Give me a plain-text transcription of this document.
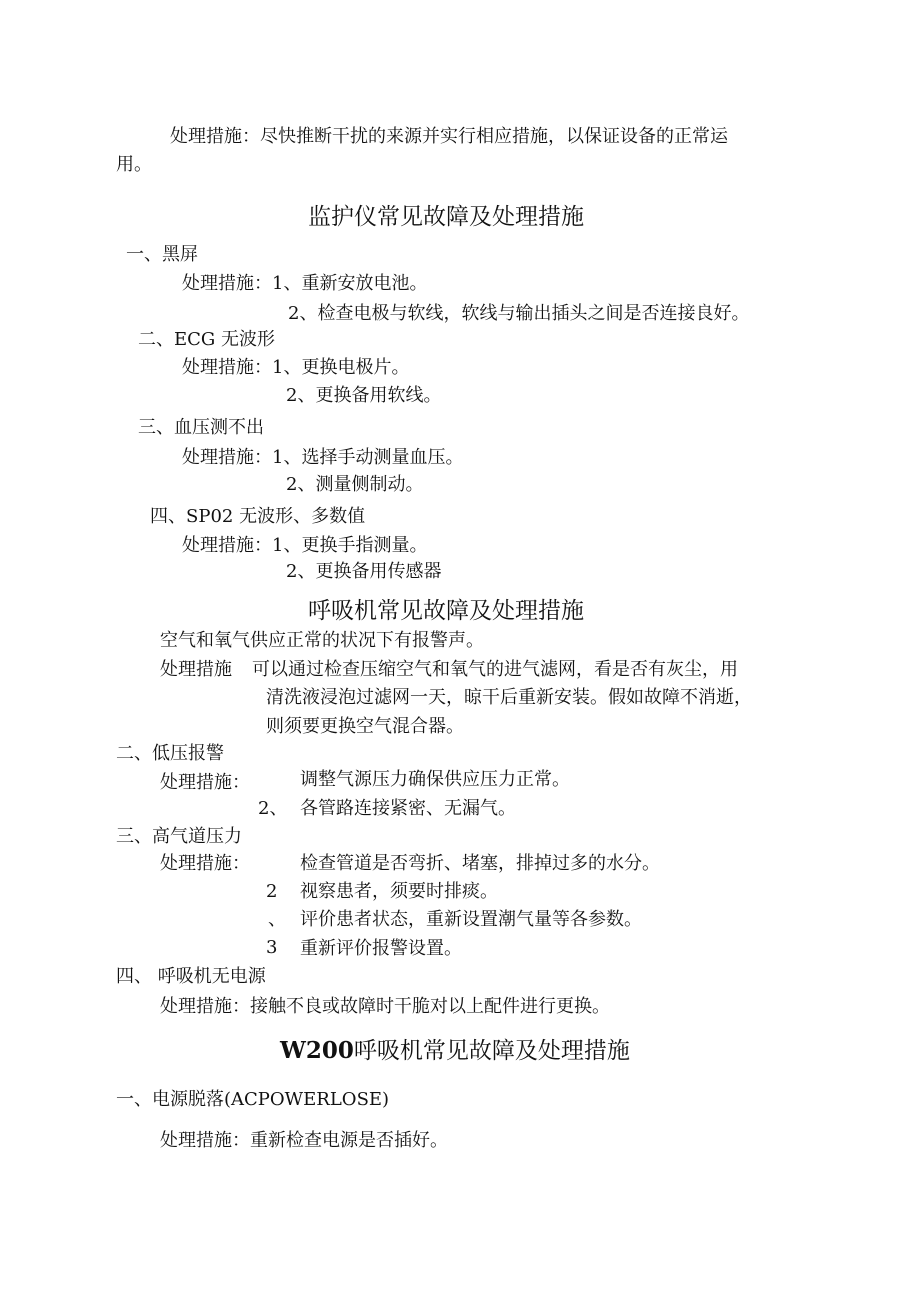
处理措施：尽快推断干扰的来源并实行相应措施，以保证设备的正常运
用。
监护仪常见故障及处理措施
一、黑屏
处理措施：1、重新安放电池。
2、检查电极与软线，软线与输出插头之间是否连接良好。
二、ECG 无波形
处理措施：1、更换电极片。
2、更换备用软线。
三、血压测不出
处理措施：1、选择手动测量血压。
2、测量侧制动。
四、SP02 无波形、多数值
处理措施：1、更换手指测量。
2、更换备用传感器
呼吸机常见故障及处理措施
空气和氧气供应正常的状况下有报警声。
处理措施 可以通过检查压缩空气和氧气的进气滤网，看是否有灰尘，用
清洗液浸泡过滤网一天，晾干后重新安装。假如故障不消逝，
则须要更换空气混合器。
二、低压报警
处理措施：	调整气源压力确保供应压力正常。
2、 各管路连接紧密、无漏气。
三、高气道压力
处理措施：	检查管道是否弯折、堵塞，排掉过多的水分。
2 视察患者，须要时排痰。
、 评价患者状态，重新设置潮气量等各参数。
3 重新评价报警设置。
四、 呼吸机无电源
处理措施：接触不良或故障时干脆对以上配件进行更换。
W200呼吸机常见故障及处理措施
一、电源脱落(ACPOWERLOSE)
处理措施：重新检查电源是否插好。
